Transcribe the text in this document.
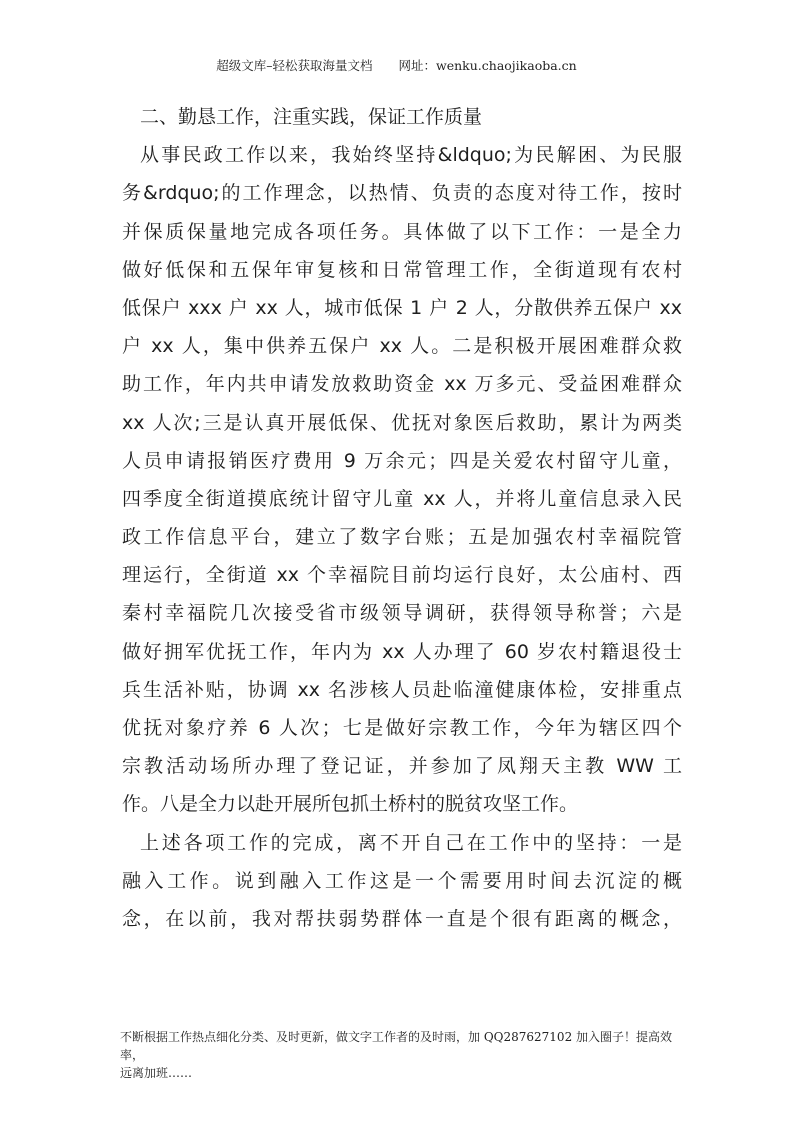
超级文库–轻松获取海量文档 网址：wenku.chaojikaoba.cn
二、勤恳工作，注重实践，保证工作质量
从事民政工作以来，我始终坚持&ldquo;为民解困、为民服
务&rdquo;的工作理念，以热情、负责的态度对待工作，按时
并保质保量地完成各项任务。具体做了以下工作：一是全力
做好低保和五保年审复核和日常管理工作，全街道现有农村
低保户 xxx 户 xx 人，城市低保 1 户 2 人，分散供养五保户 xx
户 xx 人，集中供养五保户 xx 人。二是积极开展困难群众救
助工作，年内共申请发放救助资金 xx 万多元、受益困难群众
xx 人次;三是认真开展低保、优抚对象医后救助，累计为两类
人员申请报销医疗费用 9 万余元；四是关爱农村留守儿童，
四季度全街道摸底统计留守儿童 xx 人，并将儿童信息录入民
政工作信息平台，建立了数字台账；五是加强农村幸福院管
理运行，全街道 xx 个幸福院目前均运行良好，太公庙村、西
秦村幸福院几次接受省市级领导调研，获得领导称誉；六是
做好拥军优抚工作，年内为 xx 人办理了 60 岁农村籍退役士
兵生活补贴，协调 xx 名涉核人员赴临潼健康体检，安排重点
优抚对象疗养 6 人次；七是做好宗教工作，今年为辖区四个
宗教活动场所办理了登记证，并参加了凤翔天主教 WW 工
作。八是全力以赴开展所包抓土桥村的脱贫攻坚工作。
上述各项工作的完成，离不开自己在工作中的坚持：一是
融入工作。说到融入工作这是一个需要用时间去沉淀的概
念，在以前，我对帮扶弱势群体一直是个很有距离的概念，
不断根据工作热点细化分类、及时更新，做文字工作者的及时雨，加 QQ287627102 加入圈子！提高效率，
远离加班……
